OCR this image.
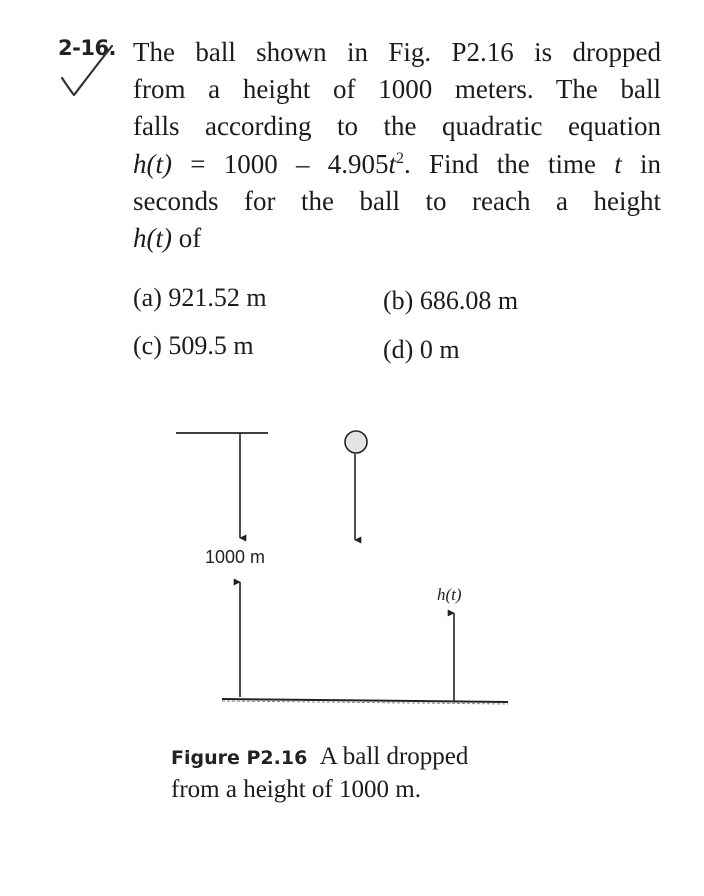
2-16. The ball shown in Fig. P2.16 is dropped
from a height of 1000 meters. The ball
falls according to the quadratic equation
$h(t) = 1000 - 4.905t^2$. Find the time t in
seconds for the ball to reach a height
h(t) of
(a) 921.52 m	(b) 686.08 m
(c) 509.5 m	(d) 0 m
1000 m
h(t)
Figure P2.16 A ball dropped
from a height of 1000 m.
